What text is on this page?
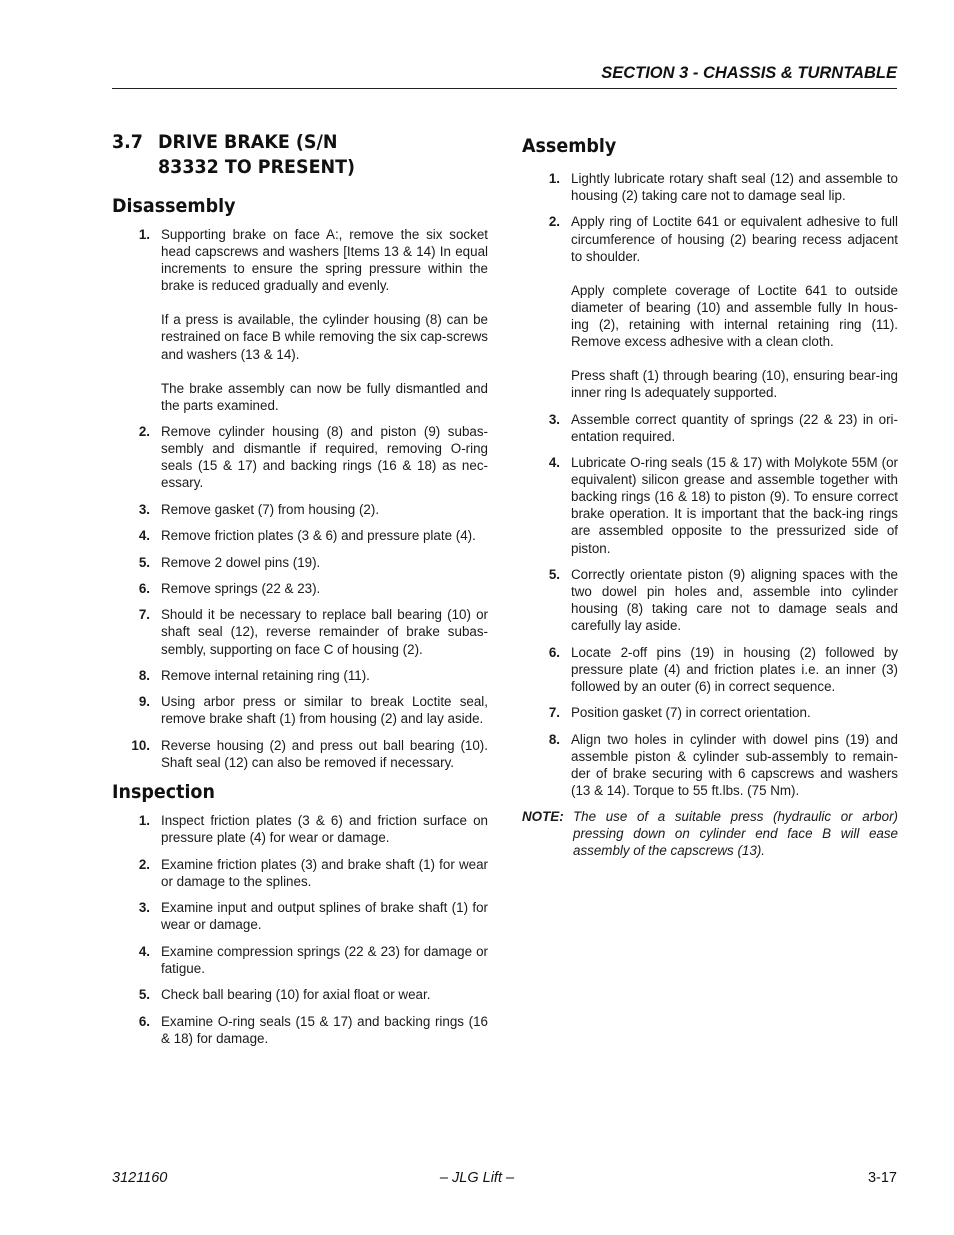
SECTION 3 - CHASSIS & TURNTABLE
3.7 DRIVE BRAKE (S/N 83332 TO PRESENT)
Disassembly
1. Supporting brake on face A:, remove the six socket head capscrews and washers [Items 13 & 14) In equal increments to ensure the spring pressure within the brake is reduced gradually and evenly.

If a press is available, the cylinder housing (8) can be restrained on face B while removing the six cap-screws and washers (13 & 14).

The brake assembly can now be fully dismantled and the parts examined.

2. Remove cylinder housing (8) and piston (9) subas-sembly and dismantle if required, removing O-ring seals (15 & 17) and backing rings (16 & 18) as nec-essary.

3. Remove gasket (7) from housing (2).

4. Remove friction plates (3 & 6) and pressure plate (4).

5. Remove 2 dowel pins (19).

6. Remove springs (22 & 23).

7. Should it be necessary to replace ball bearing (10) or shaft seal (12), reverse remainder of brake subas-sembly, supporting on face C of housing (2).

8. Remove internal retaining ring (11).

9. Using arbor press or similar to break Loctite seal, remove brake shaft (1) from housing (2) and lay aside.

10. Reverse housing (2) and press out ball bearing (10). Shaft seal (12) can also be removed if necessary.

Inspection
1. Inspect friction plates (3 & 6) and friction surface on pressure plate (4) for wear or damage.

2. Examine friction plates (3) and brake shaft (1) for wear or damage to the splines.

3. Examine input and output splines of brake shaft (1) for wear or damage.

4. Examine compression springs (22 & 23) for damage or fatigue.

5. Check ball bearing (10) for axial float or wear.

6. Examine O-ring seals (15 & 17) and backing rings (16 & 18) for damage.

Assembly
1. Lightly lubricate rotary shaft seal (12) and assemble to housing (2) taking care not to damage seal lip.

2. Apply ring of Loctite 641 or equivalent adhesive to full circumference of housing (2) bearing recess adjacent to shoulder.

Apply complete coverage of Loctite 641 to outside diameter of bearing (10) and assemble fully In hous-ing (2), retaining with internal retaining ring (11). Remove excess adhesive with a clean cloth.

Press shaft (1) through bearing (10), ensuring bear-ing inner ring Is adequately supported.

3. Assemble correct quantity of springs (22 & 23) in ori-entation required.

4. Lubricate O-ring seals (15 & 17) with Molykote 55M (or equivalent) silicon grease and assemble together with backing rings (16 & 18) to piston (9). To ensure correct brake operation. It is important that the back-ing rings are assembled opposite to the pressurized side of piston.

5. Correctly orientate piston (9) aligning spaces with the two dowel pin holes and, assemble into cylinder housing (8) taking care not to damage seals and carefully lay aside.

6. Locate 2-off pins (19) in housing (2) followed by pressure plate (4) and friction plates i.e. an inner (3) followed by an outer (6) in correct sequence.

7. Position gasket (7) in correct orientation.

8. Align two holes in cylinder with dowel pins (19) and assemble piston & cylinder sub-assembly to remain-der of brake securing with 6 capscrews and washers (13 & 14). Torque to 55 ft.lbs. (75 Nm).

NOTE: The use of a suitable press (hydraulic or arbor) pressing down on cylinder end face B will ease assembly of the capscrews (13).
3121160	– JLG Lift –	3-17
